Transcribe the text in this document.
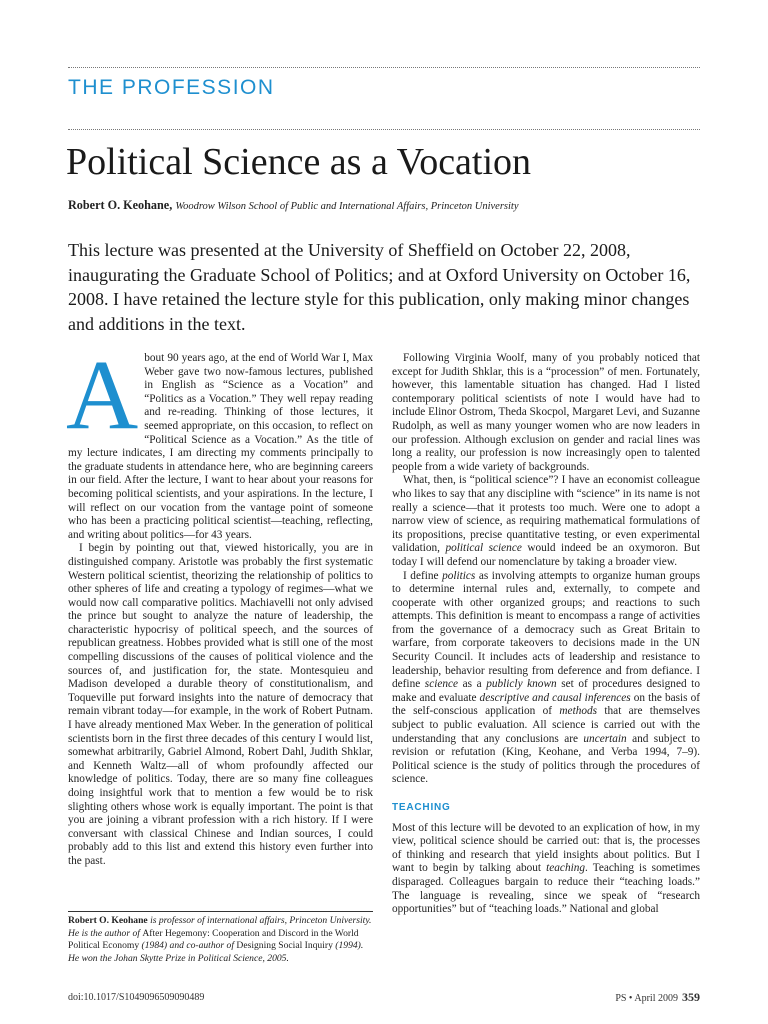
THE PROFESSION
Political Science as a Vocation
Robert O. Keohane, Woodrow Wilson School of Public and International Affairs, Princeton University

This lecture was presented at the University of Sheffield on October 22, 2008, inaugurating the Graduate School of Politics; and at Oxford University on October 16, 2008. I have retained the lecture style for this publication, only making minor changes and additions in the text.

About 90 years ago, at the end of World War I, Max Weber gave two now-famous lectures, published in English as “Science as a Vocation” and “Politics as a Vocation.” They well repay reading and re-reading. Thinking of those lectures, it seemed appropriate, on this occasion, to reflect on “Political Science as a Vocation.” As the title of my lecture indicates, I am directing my comments principally to the graduate students in attendance here, who are beginning careers in our field. After the lecture, I want to hear about your reasons for becoming political scientists, and your aspirations. In the lecture, I will reflect on our vocation from the vantage point of someone who has been a practicing political scientist—teaching, reflecting, and writing about politics—for 43 years.

I begin by pointing out that, viewed historically, you are in distinguished company. Aristotle was probably the first systematic Western political scientist, theorizing the relationship of politics to other spheres of life and creating a typology of regimes—what we would now call comparative politics. Machiavelli not only advised the prince but sought to analyze the nature of leadership, the characteristic hypocrisy of political speech, and the sources of republican greatness. Hobbes provided what is still one of the most compelling discussions of the causes of political violence and the sources of, and justification for, the state. Montesquieu and Madison developed a durable theory of constitutionalism, and Toqueville put forward insights into the nature of democracy that remain vibrant today—for example, in the work of Robert Putnam. I have already mentioned Max Weber. In the generation of political scientists born in the first three decades of this century I would list, somewhat arbitrarily, Gabriel Almond, Robert Dahl, Judith Shklar, and Kenneth Waltz—all of whom profoundly affected our knowledge of politics. Today, there are so many fine colleagues doing insightful work that to mention a few would be to risk slighting others whose work is equally important. The point is that you are joining a vibrant profession with a rich history. If I were conversant with classical Chinese and Indian sources, I could probably add to this list and extend this history even further into the past.

Following Virginia Woolf, many of you probably noticed that except for Judith Shklar, this is a “procession” of men. Fortunately, however, this lamentable situation has changed. Had I listed contemporary political scientists of note I would have had to include Elinor Ostrom, Theda Skocpol, Margaret Levi, and Suzanne Rudolph, as well as many younger women who are now leaders in our profession. Although exclusion on gender and racial lines was long a reality, our profession is now increasingly open to talented people from a wide variety of backgrounds.

What, then, is “political science”? I have an economist colleague who likes to say that any discipline with “science” in its name is not really a science—that it protests too much. Were one to adopt a narrow view of science, as requiring mathematical formulations of its propositions, precise quantitative testing, or even experimental validation, political science would indeed be an oxymoron. But today I will defend our nomenclature by taking a broader view.

I define politics as involving attempts to organize human groups to determine internal rules and, externally, to compete and cooperate with other organized groups; and reactions to such attempts. This definition is meant to encompass a range of activities from the governance of a democracy such as Great Britain to warfare, from corporate takeovers to decisions made in the UN Security Council. It includes acts of leadership and resistance to leadership, behavior resulting from deference and from defiance. I define science as a publicly known set of procedures designed to make and evaluate descriptive and causal inferences on the basis of the self-conscious application of methods that are themselves subject to public evaluation. All science is carried out with the understanding that any conclusions are uncertain and subject to revision or refutation (King, Keohane, and Verba 1994, 7–9). Political science is the study of politics through the procedures of science.

TEACHING

Most of this lecture will be devoted to an explication of how, in my view, political science should be carried out: that is, the processes of thinking and research that yield insights about politics. But I want to begin by talking about teaching. Teaching is sometimes disparaged. Colleagues bargain to reduce their “teaching loads.” The language is revealing, since we speak of “research opportunities” but of “teaching loads.” National and global

Robert O. Keohane is professor of international affairs, Princeton University. He is the author of After Hegemony: Cooperation and Discord in the World Political Economy (1984) and co-author of Designing Social Inquiry (1994). He won the Johan Skytte Prize in Political Science, 2005.
doi:10.1017/S1049096509090489	PS • April 2009 359
